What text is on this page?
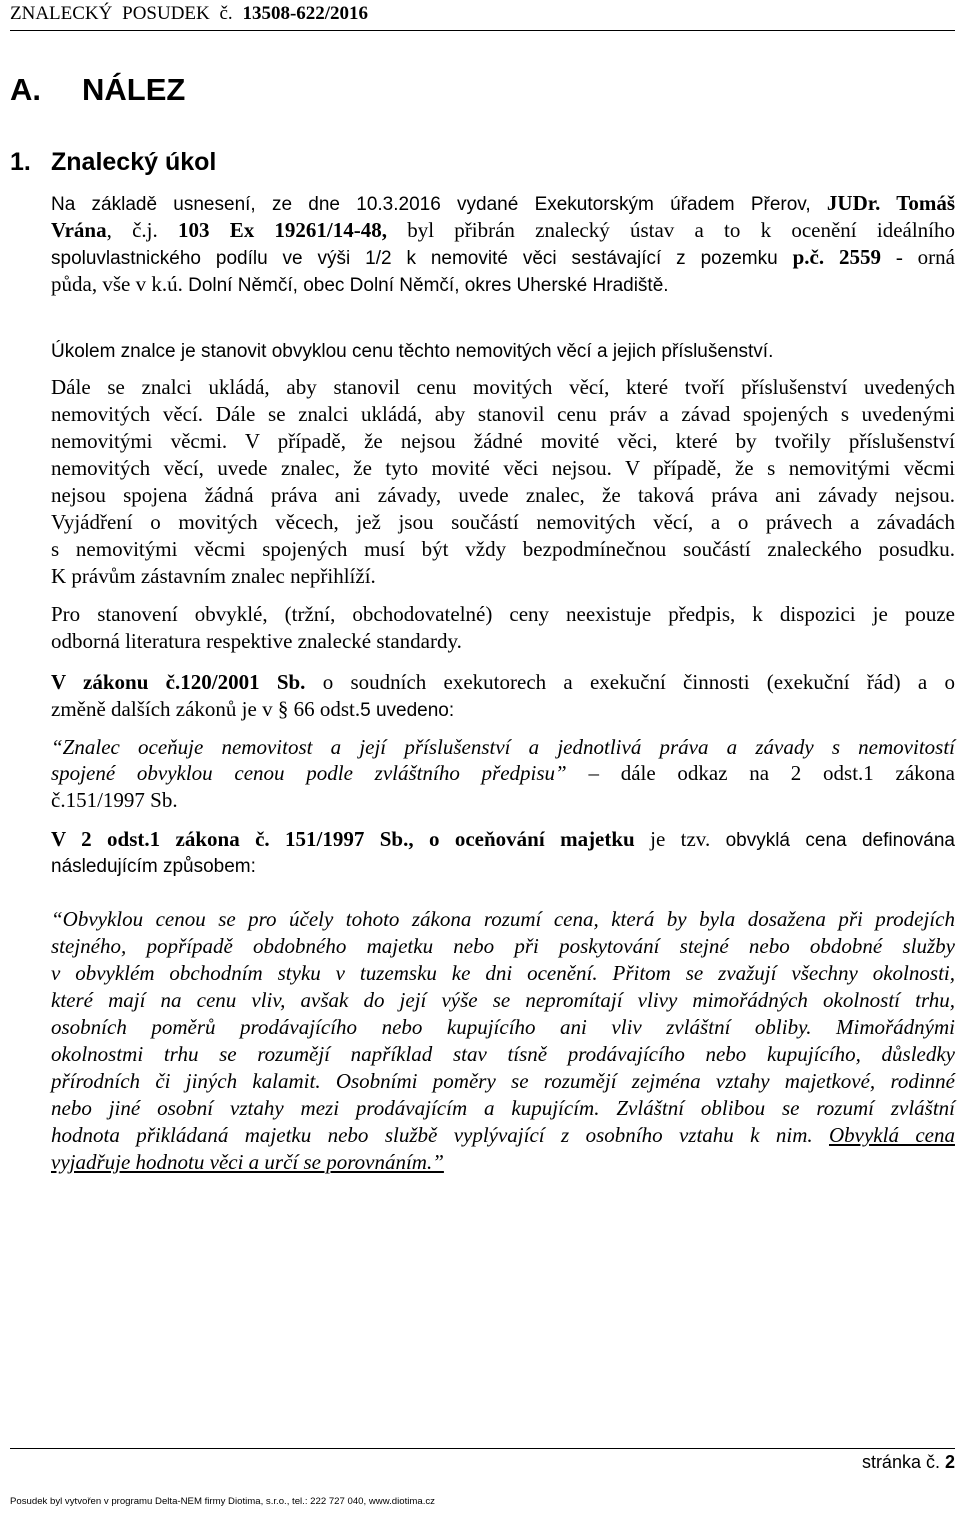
ZNALECKÝ POSUDEK č. 13508-622/2016
A. NÁLEZ
1. Znalecký úkol
Na základě usnesení, ze dne 10.3.2016 vydané Exekutorským úřadem Přerov, JUDr. Tomáš
Vrána, č.j. 103 Ex 19261/14-48, byl přibrán znalecký ústav a to k ocenění ideálního
spoluvlastnického podílu ve výši 1/2 k nemovité věci sestávající z pozemku p.č. 2559 - orná
půda, vše v k.ú. Dolní Němčí, obec Dolní Němčí, okres Uherské Hradiště.
Úkolem znalce je stanovit obvyklou cenu těchto nemovitých věcí a jejich příslušenství.
Dále se znalci ukládá, aby stanovil cenu movitých věcí, které tvoří příslušenství uvedených
nemovitých věcí. Dále se znalci ukládá, aby stanovil cenu práv a závad spojených s uvedenými
nemovitými věcmi. V případě, že nejsou žádné movité věci, které by tvořily příslušenství
nemovitých věcí, uvede znalec, že tyto movité věci nejsou. V případě, že s nemovitými věcmi
nejsou spojena žádná práva ani závady, uvede znalec, že taková práva ani závady nejsou.
Vyjádření o movitých věcech, jež jsou součástí nemovitých věcí, a o právech a závadách
s nemovitými věcmi spojených musí být vždy bezpodmínečnou součástí znaleckého posudku.
K právům zástavním znalec nepřihlíží.
Pro stanovení obvyklé, (tržní, obchodovatelné) ceny neexistuje předpis, k dispozici je pouze
odborná literatura respektive znalecké standardy.
V zákonu č.120/2001 Sb. o soudních exekutorech a exekuční činnosti (exekuční řád) a o
změně dalších zákonů je v § 66 odst.5 uvedeno:
“Znalec oceňuje nemovitost a její příslušenství a jednotlivá práva a závady s nemovitostí
spojené obvyklou cenou podle zvláštního předpisu” – dále odkaz na 2 odst.1 zákona
č.151/1997 Sb.
V 2 odst.1 zákona č. 151/1997 Sb., o oceňování majetku je tzv. obvyklá cena definována
následujícím způsobem:
“Obvyklou cenou se pro účely tohoto zákona rozumí cena, která by byla dosažena při prodejích
stejného, popřípadě obdobného majetku nebo při poskytování stejné nebo obdobné služby
v obvyklém obchodním styku v tuzemsku ke dni ocenění. Přitom se zvažují všechny okolnosti,
které mají na cenu vliv, avšak do její výše se nepromítají vlivy mimořádných okolností trhu,
osobních poměrů prodávajícího nebo kupujícího ani vliv zvláštní obliby. Mimořádnými
okolnostmi trhu se rozumějí například stav tísně prodávajícího nebo kupujícího, důsledky
přírodních či jiných kalamit. Osobními poměry se rozumějí zejména vztahy majetkové, rodinné
nebo jiné osobní vztahy mezi prodávajícím a kupujícím. Zvláštní oblibou se rozumí zvláštní
hodnota přikládaná majetku nebo službě vyplývající z osobního vztahu k nim. Obvyklá cena
vyjadřuje hodnotu věci a určí se porovnáním.”
stránka č. 2
Posudek byl vytvořen v programu Delta-NEM firmy Diotima, s.r.o., tel.: 222 727 040, www.diotima.cz
